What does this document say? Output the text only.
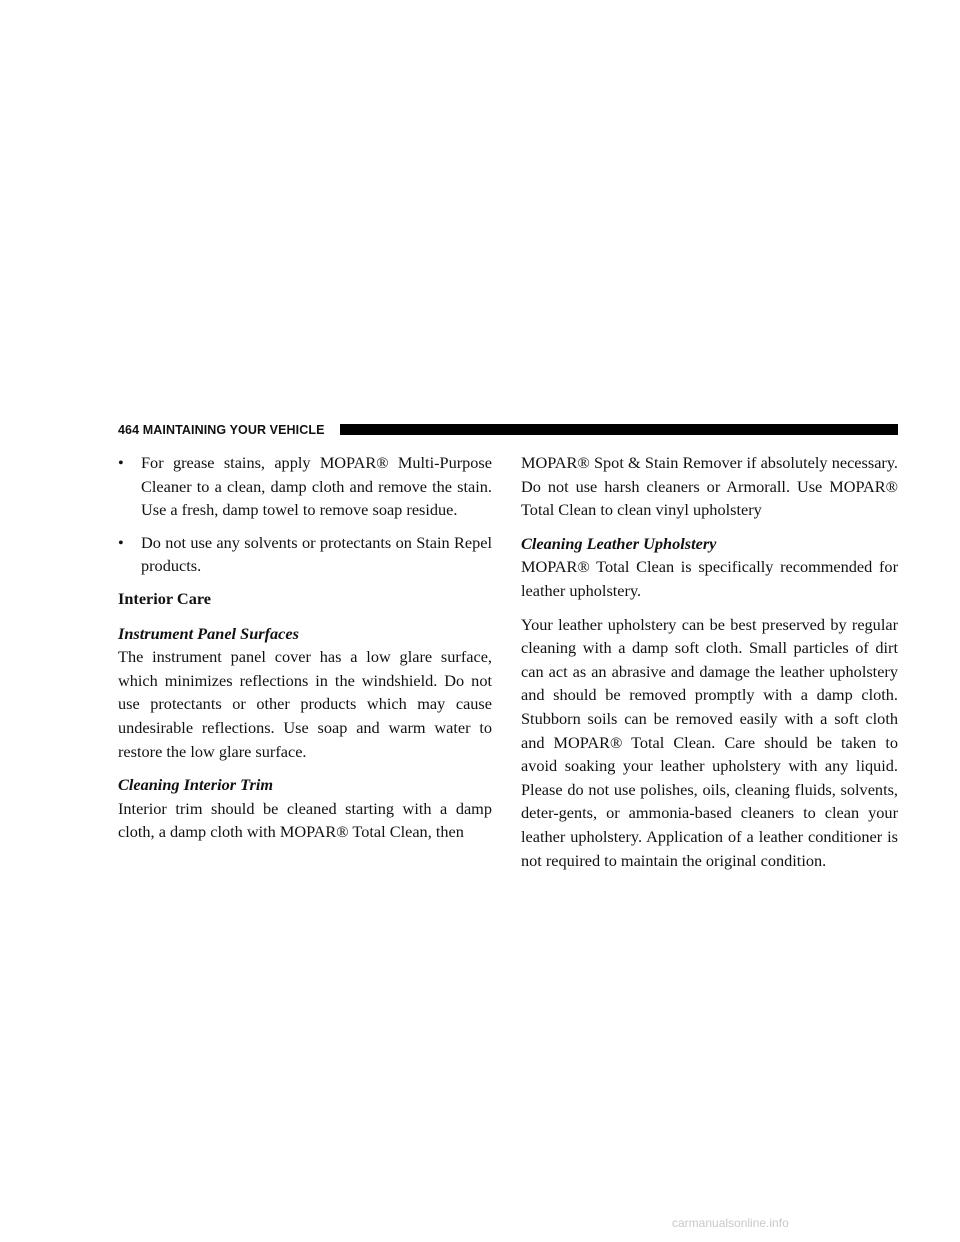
464 MAINTAINING YOUR VEHICLE
• For grease stains, apply MOPAR® Multi-Purpose Cleaner to a clean, damp cloth and remove the stain. Use a fresh, damp towel to remove soap residue.
• Do not use any solvents or protectants on Stain Repel products.
Interior Care
Instrument Panel Surfaces

The instrument panel cover has a low glare surface, which minimizes reflections in the windshield. Do not use protectants or other products which may cause undesirable reflections. Use soap and warm water to restore the low glare surface.

Cleaning Interior Trim

Interior trim should be cleaned starting with a damp cloth, a damp cloth with MOPAR® Total Clean, then

MOPAR® Spot & Stain Remover if absolutely necessary. Do not use harsh cleaners or Armorall. Use MOPAR® Total Clean to clean vinyl upholstery

Cleaning Leather Upholstery

MOPAR® Total Clean is specifically recommended for leather upholstery.

Your leather upholstery can be best preserved by regular cleaning with a damp soft cloth. Small particles of dirt can act as an abrasive and damage the leather upholstery and should be removed promptly with a damp cloth. Stubborn soils can be removed easily with a soft cloth and MOPAR® Total Clean. Care should be taken to avoid soaking your leather upholstery with any liquid. Please do not use polishes, oils, cleaning fluids, solvents, deter-gents, or ammonia-based cleaners to clean your leather upholstery. Application of a leather conditioner is not required to maintain the original condition.

carmanualsonline.info
